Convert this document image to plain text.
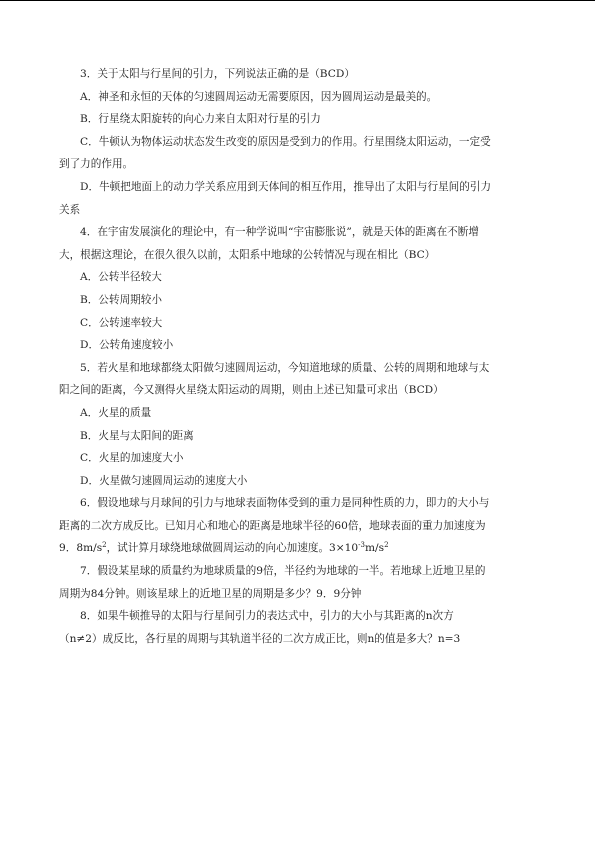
3．关于太阳与行星间的引力，下列说法正确的是（BCD）
A．神圣和永恒的天体的匀速圆周运动无需要原因，因为圆周运动是最美的。
B．行星绕太阳旋转的向心力来自太阳对行星的引力
C．牛顿认为物体运动状态发生改变的原因是受到力的作用。行星围绕太阳运动，一定受
到了力的作用。
D．牛顿把地面上的动力学关系应用到天体间的相互作用，推导出了太阳与行星间的引力
关系
4．在宇宙发展演化的理论中，有一种学说叫“宇宙膨胀说”，就是天体的距离在不断增
大，根据这理论，在很久很久以前，太阳系中地球的公转情况与现在相比（BC）
A．公转半径较大
B．公转周期较小
C．公转速率较大
D．公转角速度较小
5．若火星和地球都绕太阳做匀速圆周运动，今知道地球的质量、公转的周期和地球与太
阳之间的距离，今又测得火星绕太阳运动的周期，则由上述已知量可求出（BCD）
A．火星的质量
B．火星与太阳间的距离
C．火星的加速度大小
D．火星做匀速圆周运动的速度大小
6．假设地球与月球间的引力与地球表面物体受到的重力是同种性质的力，即力的大小与
距离的二次方成反比。已知月心和地心的距离是地球半径的60倍，地球表面的重力加速度为
9．$8m/s^2$，试计算月球绕地球做圆周运动的向心加速度。$3\times 10^{-3}m/s^2$
7．假设某星球的质量约为地球质量的9倍，半径约为地球的一半。若地球上近地卫星的
周期为84分钟。则该星球上的近地卫星的周期是多少？9．9分钟
8．如果牛顿推导的太阳与行星间引力的表达式中，引力的大小与其距离的n次方
（n≠2）成反比，各行星的周期与其轨道半径的二次方成正比，则n的值是多大？n=3
